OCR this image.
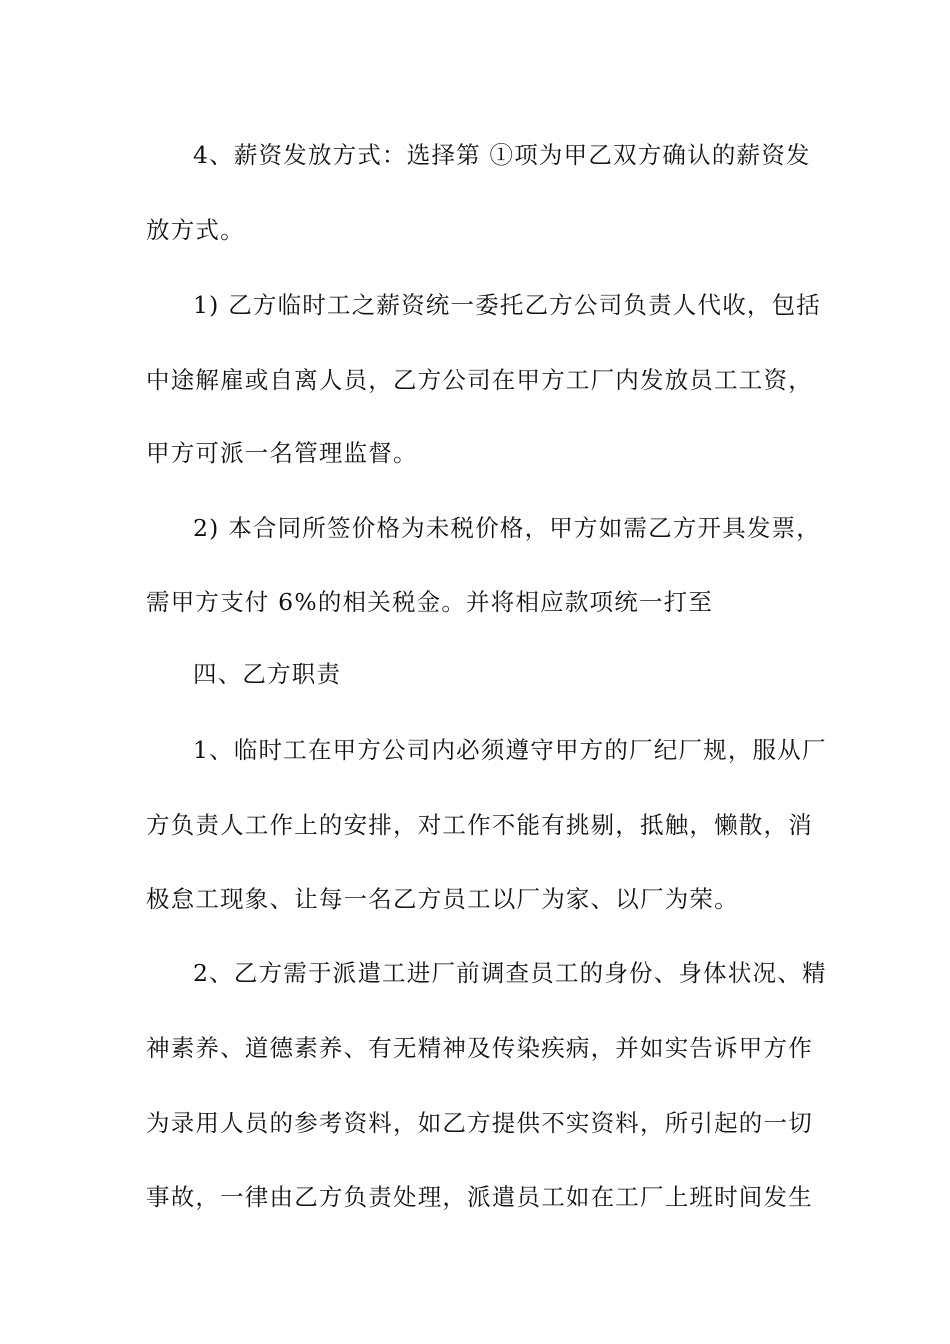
4、薪资发放方式：选择第 ①项为甲乙双方确认的薪资发
放方式。
1) 乙方临时工之薪资统一委托乙方公司负责人代收，包括
中途解雇或自离人员，乙方公司在甲方工厂内发放员工工资，
甲方可派一名管理监督。
2) 本合同所签价格为未税价格，甲方如需乙方开具发票，
需甲方支付 6%的相关税金。并将相应款项统一打至
四、乙方职责
1、临时工在甲方公司内必须遵守甲方的厂纪厂规，服从厂
方负责人工作上的安排，对工作不能有挑剔，抵触，懒散，消
极怠工现象、让每一名乙方员工以厂为家、以厂为荣。
2、乙方需于派遣工进厂前调查员工的身份、身体状况、精
神素养、道德素养、有无精神及传染疾病，并如实告诉甲方作
为录用人员的参考资料，如乙方提供不实资料，所引起的一切
事故，一律由乙方负责处理，派遣员工如在工厂上班时间发生
